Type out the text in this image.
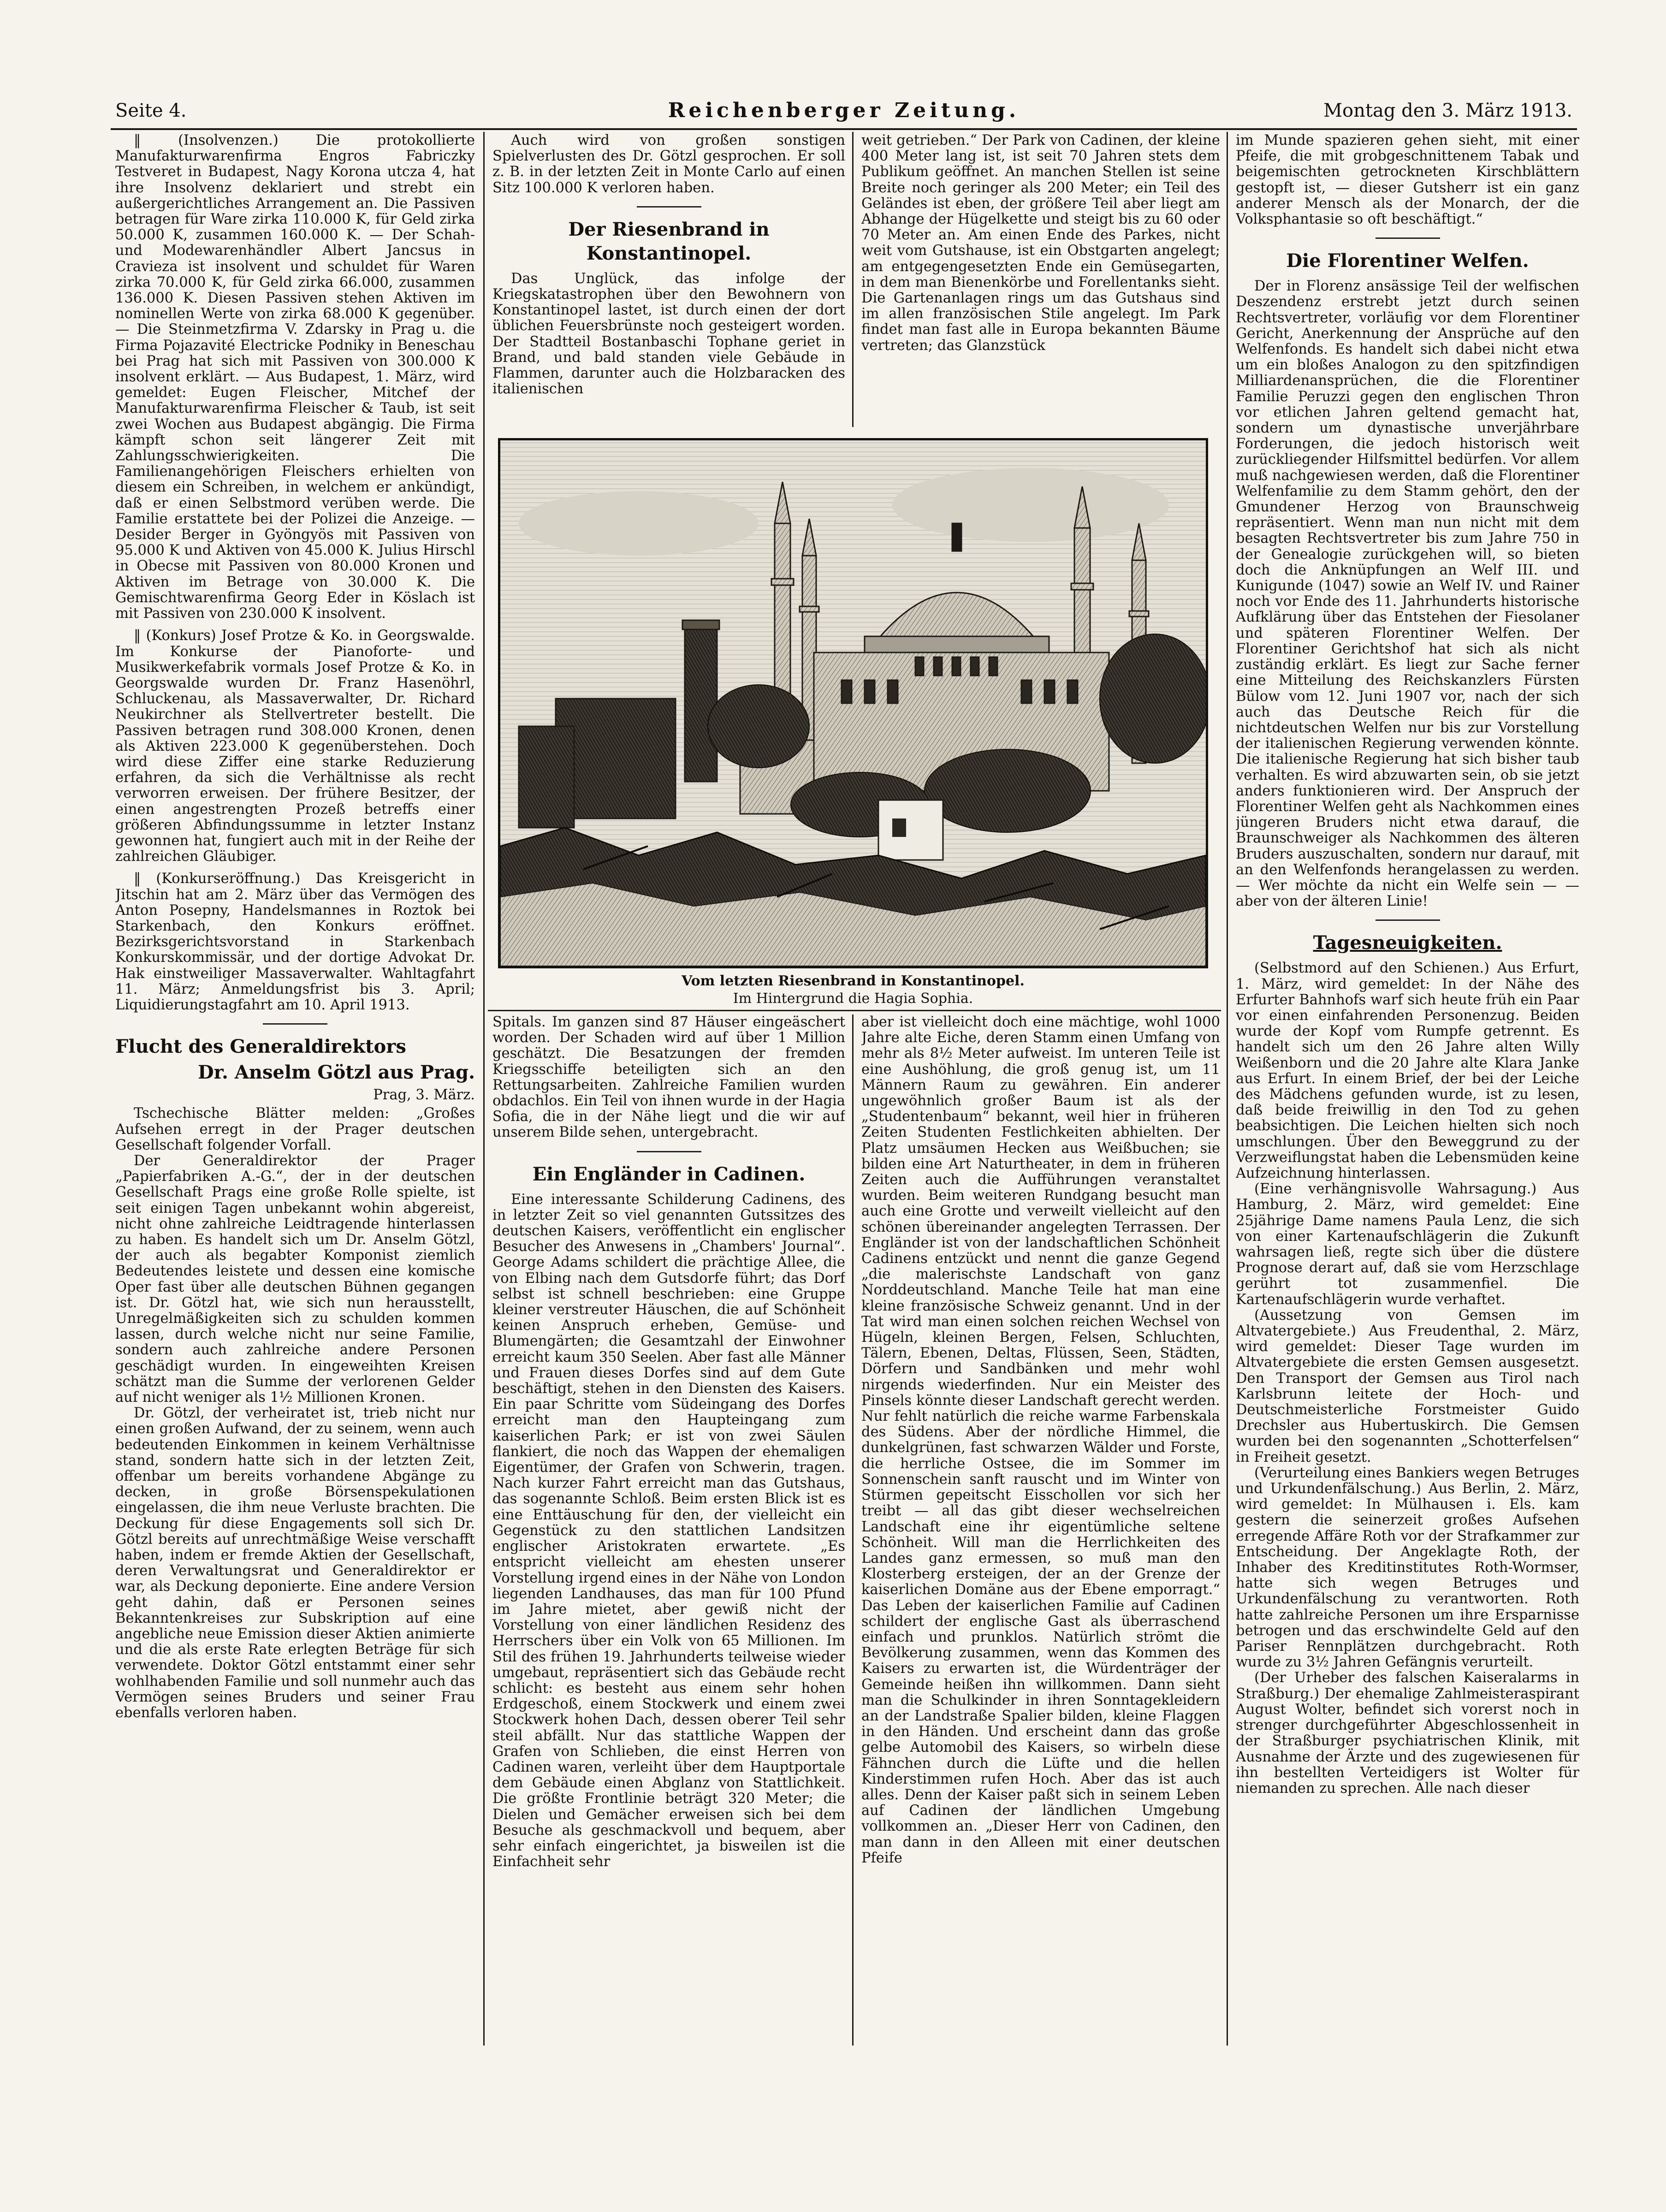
Seite 4.	Reichenberger Zeitung.	Montag den 3. März 1913.

‖ (Insolvenzen.) Die protokollierte Manufakturwarenfirma Engros Fabriczky Testveret in Budapest, Nagy Korona utcza 4, hat ihre Insolvenz deklariert und strebt ein außergerichtliches Arrangement an. Die Passiven betragen für Ware zirka 110.000 K, für Geld zirka 50.000 K, zusammen 160.000 K. — Der Schah- und Modewarenhändler Albert Jancsus in Cravieza ist insolvent und schuldet für Waren zirka 70.000 K, für Geld zirka 66.000, zusammen 136.000 K. Diesen Passiven stehen Aktiven im nominellen Werte von zirka 68.000 K gegenüber. — Die Steinmetzfirma V. Zdarsky in Prag u. die Firma Pojazavité Electricke Podniky in Beneschau bei Prag hat sich mit Passiven von 300.000 K insolvent erklärt. — Aus Budapest, 1. März, wird gemeldet: Eugen Fleischer, Mitchef der Manufakturwarenfirma Fleischer & Taub, ist seit zwei Wochen aus Budapest abgängig. Die Firma kämpft schon seit längerer Zeit mit Zahlungsschwierigkeiten. Die Familienangehörigen Fleischers erhielten von diesem ein Schreiben, in welchem er ankündigt, daß er einen Selbstmord verüben werde. Die Familie erstattete bei der Polizei die Anzeige. — Desider Berger in Gyöngyös mit Passiven von 95.000 K und Aktiven von 45.000 K. Julius Hirschl in Obecse mit Passiven von 80.000 Kronen und Aktiven im Betrage von 30.000 K. Die Gemischtwarenfirma Georg Eder in Köslach ist mit Passiven von 230.000 K insolvent.

‖ (Konkurs) Josef Protze & Ko. in Georgswalde. Im Konkurse der Pianoforte- und Musikwerkefabrik vormals Josef Protze & Ko. in Georgswalde wurden Dr. Franz Hasenöhrl, Schluckenau, als Massaverwalter, Dr. Richard Neukirchner als Stellvertreter bestellt. Die Passiven betragen rund 308.000 Kronen, denen als Aktiven 223.000 K gegenüberstehen. Doch wird diese Ziffer eine starke Reduzierung erfahren, da sich die Verhältnisse als recht verworren erweisen. Der frühere Besitzer, der einen angestrengten Prozeß betreffs einer größeren Abfindungssumme in letzter Instanz gewonnen hat, fungiert auch mit in der Reihe der zahlreichen Gläubiger.

‖ (Konkurseröffnung.) Das Kreisgericht in Jitschin hat am 2. März über das Vermögen des Anton Posepny, Handelsmannes in Roztok bei Starkenbach, den Konkurs eröffnet. Bezirksgerichtsvorstand in Starkenbach Konkurskommissär, und der dortige Advokat Dr. Hak einstweiliger Massaverwalter. Wahltagfahrt 11. März; Anmeldungsfrist bis 3. April; Liquidierungstagfahrt am 10. April 1913.

Flucht des Generaldirektors
Dr. Anselm Götzl aus Prag.
Prag, 3. März.

Tschechische Blätter melden: „Großes Aufsehen erregt in der Prager deutschen Gesellschaft folgender Vorfall.

Der Generaldirektor der Prager „Papierfabriken A.-G.“, der in der deutschen Gesellschaft Prags eine große Rolle spielte, ist seit einigen Tagen unbekannt wohin abgereist, nicht ohne zahlreiche Leidtragende hinterlassen zu haben. Es handelt sich um Dr. Anselm Götzl, der auch als begabter Komponist ziemlich Bedeutendes leistete und dessen eine komische Oper fast über alle deutschen Bühnen gegangen ist. Dr. Götzl hat, wie sich nun herausstellt, Unregelmäßigkeiten sich zu schulden kommen lassen, durch welche nicht nur seine Familie, sondern auch zahlreiche andere Personen geschädigt wurden. In eingeweihten Kreisen schätzt man die Summe der verlorenen Gelder auf nicht weniger als 1½ Millionen Kronen.

Dr. Götzl, der verheiratet ist, trieb nicht nur einen großen Aufwand, der zu seinem, wenn auch bedeutenden Einkommen in keinem Verhältnisse stand, sondern hatte sich in der letzten Zeit, offenbar um bereits vorhandene Abgänge zu decken, in große Börsenspekulationen eingelassen, die ihm neue Verluste brachten. Die Deckung für diese Engagements soll sich Dr. Götzl bereits auf unrechtmäßige Weise verschafft haben, indem er fremde Aktien der Gesellschaft, deren Verwaltungsrat und Generaldirektor er war, als Deckung deponierte. Eine andere Version geht dahin, daß er Personen seines Bekanntenkreises zur Subskription auf eine angebliche neue Emission dieser Aktien animierte und die als erste Rate erlegten Beträge für sich verwendete. Doktor Götzl entstammt einer sehr wohlhabenden Familie und soll nunmehr auch das Vermögen seines Bruders und seiner Frau ebenfalls verloren haben.

Auch wird von großen sonstigen Spielverlusten des Dr. Götzl gesprochen. Er soll z. B. in der letzten Zeit in Monte Carlo auf einen Sitz 100.000 K verloren haben.

Der Riesenbrand in Konstantinopel.

Das Unglück, das infolge der Kriegskatastrophen über den Bewohnern von Konstantinopel lastet, ist durch einen der dort üblichen Feuersbrünste noch gesteigert worden. Der Stadtteil Bostanbaschi Tophane geriet in Brand, und bald standen viele Gebäude in Flammen, darunter auch die Holzbaracken des italienischen

weit getrieben.“ Der Park von Cadinen, der kleine 400 Meter lang ist, ist seit 70 Jahren stets dem Publikum geöffnet. An manchen Stellen ist seine Breite noch geringer als 200 Meter; ein Teil des Geländes ist eben, der größere Teil aber liegt am Abhange der Hügelkette und steigt bis zu 60 oder 70 Meter an. Am einen Ende des Parkes, nicht weit vom Gutshause, ist ein Obstgarten angelegt; am entgegengesetzten Ende ein Gemüsegarten, in dem man Bienenkörbe und Forellentanks sieht. Die Gartenanlagen rings um das Gutshaus sind im allen französischen Stile angelegt. Im Park findet man fast alle in Europa bekannten Bäume vertreten; das Glanzstück

Vom letzten Riesenbrand in Konstantinopel.
Im Hintergrund die Hagia Sophia.

Spitals. Im ganzen sind 87 Häuser eingeäschert worden. Der Schaden wird auf über 1 Million geschätzt. Die Besatzungen der fremden Kriegsschiffe beteiligten sich an den Rettungsarbeiten. Zahlreiche Familien wurden obdachlos. Ein Teil von ihnen wurde in der Hagia Sofia, die in der Nähe liegt und die wir auf unserem Bilde sehen, untergebracht.

Ein Engländer in Cadinen.

Eine interessante Schilderung Cadinens, des in letzter Zeit so viel genannten Gutssitzes des deutschen Kaisers, veröffentlicht ein englischer Besucher des Anwesens in „Chambers' Journal“. George Adams schildert die prächtige Allee, die von Elbing nach dem Gutsdorfe führt; das Dorf selbst ist schnell beschrieben: eine Gruppe kleiner verstreuter Häuschen, die auf Schönheit keinen Anspruch erheben, Gemüse- und Blumengärten; die Gesamtzahl der Einwohner erreicht kaum 350 Seelen. Aber fast alle Männer und Frauen dieses Dorfes sind auf dem Gute beschäftigt, stehen in den Diensten des Kaisers. Ein paar Schritte vom Südeingang des Dorfes erreicht man den Haupteingang zum kaiserlichen Park; er ist von zwei Säulen flankiert, die noch das Wappen der ehemaligen Eigentümer, der Grafen von Schwerin, tragen. Nach kurzer Fahrt erreicht man das Gutshaus, das sogenannte Schloß. Beim ersten Blick ist es eine Enttäuschung für den, der vielleicht ein Gegenstück zu den stattlichen Landsitzen englischer Aristokraten erwartete. „Es entspricht vielleicht am ehesten unserer Vorstellung irgend eines in der Nähe von London liegenden Landhauses, das man für 100 Pfund im Jahre mietet, aber gewiß nicht der Vorstellung von einer ländlichen Residenz des Herrschers über ein Volk von 65 Millionen. Im Stil des frühen 19. Jahrhunderts teilweise wieder umgebaut, repräsentiert sich das Gebäude recht schlicht: es besteht aus einem sehr hohen Erdgeschoß, einem Stockwerk und einem zwei Stockwerk hohen Dach, dessen oberer Teil sehr steil abfällt. Nur das stattliche Wappen der Grafen von Schlieben, die einst Herren von Cadinen waren, verleiht über dem Hauptportale dem Gebäude einen Abglanz von Stattlichkeit. Die größte Frontlinie beträgt 320 Meter; die Dielen und Gemächer erweisen sich bei dem Besuche als geschmackvoll und bequem, aber sehr einfach eingerichtet, ja bisweilen ist die Einfachheit sehr

aber ist vielleicht doch eine mächtige, wohl 1000 Jahre alte Eiche, deren Stamm einen Umfang von mehr als 8½ Meter aufweist. Im unteren Teile ist eine Aushöhlung, die groß genug ist, um 11 Männern Raum zu gewähren. Ein anderer ungewöhnlich großer Baum ist als der „Studentenbaum“ bekannt, weil hier in früheren Zeiten Studenten Festlichkeiten abhielten. Der Platz umsäumen Hecken aus Weißbuchen; sie bilden eine Art Naturtheater, in dem in früheren Zeiten auch die Aufführungen veranstaltet wurden. Beim weiteren Rundgang besucht man auch eine Grotte und verweilt vielleicht auf den schönen übereinander angelegten Terrassen. Der Engländer ist von der landschaftlichen Schönheit Cadinens entzückt und nennt die ganze Gegend „die malerischste Landschaft von ganz Norddeutschland. Manche Teile hat man eine kleine französische Schweiz genannt. Und in der Tat wird man einen solchen reichen Wechsel von Hügeln, kleinen Bergen, Felsen, Schluchten, Tälern, Ebenen, Deltas, Flüssen, Seen, Städten, Dörfern und Sandbänken und mehr wohl nirgends wiederfinden. Nur ein Meister des Pinsels könnte dieser Landschaft gerecht werden. Nur fehlt natürlich die reiche warme Farbenskala des Südens. Aber der nördliche Himmel, die dunkelgrünen, fast schwarzen Wälder und Forste, die herrliche Ostsee, die im Sommer im Sonnenschein sanft rauscht und im Winter von Stürmen gepeitscht Eisschollen vor sich her treibt — all das gibt dieser wechselreichen Landschaft eine ihr eigentümliche seltene Schönheit. Will man die Herrlichkeiten des Landes ganz ermessen, so muß man den Klosterberg ersteigen, der an der Grenze der kaiserlichen Domäne aus der Ebene emporragt.“ Das Leben der kaiserlichen Familie auf Cadinen schildert der englische Gast als überraschend einfach und prunklos. Natürlich strömt die Bevölkerung zusammen, wenn das Kommen des Kaisers zu erwarten ist, die Würdenträger der Gemeinde heißen ihn willkommen. Dann sieht man die Schulkinder in ihren Sonntagekleidern an der Landstraße Spalier bilden, kleine Flaggen in den Händen. Und erscheint dann das große gelbe Automobil des Kaisers, so wirbeln diese Fähnchen durch die Lüfte und die hellen Kinderstimmen rufen Hoch. Aber das ist auch alles. Denn der Kaiser paßt sich in seinem Leben auf Cadinen der ländlichen Umgebung vollkommen an. „Dieser Herr von Cadinen, den man dann in den Alleen mit einer deutschen Pfeife

im Munde spazieren gehen sieht, mit einer Pfeife, die mit grobgeschnittenem Tabak und beigemischten getrockneten Kirschblättern gestopft ist, — dieser Gutsherr ist ein ganz anderer Mensch als der Monarch, der die Volksphantasie so oft beschäftigt.“

Die Florentiner Welfen.

Der in Florenz ansässige Teil der welfischen Deszendenz erstrebt jetzt durch seinen Rechtsvertreter, vorläufig vor dem Florentiner Gericht, Anerkennung der Ansprüche auf den Welfenfonds. Es handelt sich dabei nicht etwa um ein bloßes Analogon zu den spitzfindigen Milliardenansprüchen, die die Florentiner Familie Peruzzi gegen den englischen Thron vor etlichen Jahren geltend gemacht hat, sondern um dynastische unverjährbare Forderungen, die jedoch historisch weit zurückliegender Hilfsmittel bedürfen. Vor allem muß nachgewiesen werden, daß die Florentiner Welfenfamilie zu dem Stamm gehört, den der Gmundener Herzog von Braunschweig repräsentiert. Wenn man nun nicht mit dem besagten Rechtsvertreter bis zum Jahre 750 in der Genealogie zurückgehen will, so bieten doch die Anknüpfungen an Welf III. und Kunigunde (1047) sowie an Welf IV. und Rainer noch vor Ende des 11. Jahrhunderts historische Aufklärung über das Entstehen der Fiesolaner und späteren Florentiner Welfen. Der Florentiner Gerichtshof hat sich als nicht zuständig erklärt. Es liegt zur Sache ferner eine Mitteilung des Reichskanzlers Fürsten Bülow vom 12. Juni 1907 vor, nach der sich auch das Deutsche Reich für die nichtdeutschen Welfen nur bis zur Vorstellung der italienischen Regierung verwenden könnte. Die italienische Regierung hat sich bisher taub verhalten. Es wird abzuwarten sein, ob sie jetzt anders funktionieren wird. Der Anspruch der Florentiner Welfen geht als Nachkommen eines jüngeren Bruders nicht etwa darauf, die Braunschweiger als Nachkommen des älteren Bruders auszuschalten, sondern nur darauf, mit an den Welfenfonds herangelassen zu werden. — Wer möchte da nicht ein Welfe sein — — aber von der älteren Linie!

Tagesneuigkeiten.

(Selbstmord auf den Schienen.) Aus Erfurt, 1. März, wird gemeldet: In der Nähe des Erfurter Bahnhofs warf sich heute früh ein Paar vor einen einfahrenden Personenzug. Beiden wurde der Kopf vom Rumpfe getrennt. Es handelt sich um den 26 Jahre alten Willy Weißenborn und die 20 Jahre alte Klara Janke aus Erfurt. In einem Brief, der bei der Leiche des Mädchens gefunden wurde, ist zu lesen, daß beide freiwillig in den Tod zu gehen beabsichtigen. Die Leichen hielten sich noch umschlungen. Über den Beweggrund zu der Verzweiflungstat haben die Lebensmüden keine Aufzeichnung hinterlassen.

(Eine verhängnisvolle Wahrsagung.) Aus Hamburg, 2. März, wird gemeldet: Eine 25jährige Dame namens Paula Lenz, die sich von einer Kartenaufschlägerin die Zukunft wahrsagen ließ, regte sich über die düstere Prognose derart auf, daß sie vom Herzschlage gerührt tot zusammenfiel. Die Kartenaufschlägerin wurde verhaftet.

(Aussetzung von Gemsen im Altvatergebiete.) Aus Freudenthal, 2. März, wird gemeldet: Dieser Tage wurden im Altvatergebiete die ersten Gemsen ausgesetzt. Den Transport der Gemsen aus Tirol nach Karlsbrunn leitete der Hoch- und Deutschmeisterliche Forstmeister Guido Drechsler aus Hubertuskirch. Die Gemsen wurden bei den sogenannten „Schotterfelsen“ in Freiheit gesetzt.

(Verurteilung eines Bankiers wegen Betruges und Urkundenfälschung.) Aus Berlin, 2. März, wird gemeldet: In Mülhausen i. Els. kam gestern die seinerzeit großes Aufsehen erregende Affäre Roth vor der Strafkammer zur Entscheidung. Der Angeklagte Roth, der Inhaber des Kreditinstitutes Roth-Wormser, hatte sich wegen Betruges und Urkundenfälschung zu verantworten. Roth hatte zahlreiche Personen um ihre Ersparnisse betrogen und das erschwindelte Geld auf den Pariser Rennplätzen durchgebracht. Roth wurde zu 3½ Jahren Gefängnis verurteilt.

(Der Urheber des falschen Kaiseralarms in Straßburg.) Der ehemalige Zahlmeisteraspirant August Wolter, befindet sich vorerst noch in strenger durchgeführter Abgeschlossenheit in der Straßburger psychiatrischen Klinik, mit Ausnahme der Ärzte und des zugewiesenen für ihn bestellten Verteidigers ist Wolter für niemanden zu sprechen. Alle nach dieser
